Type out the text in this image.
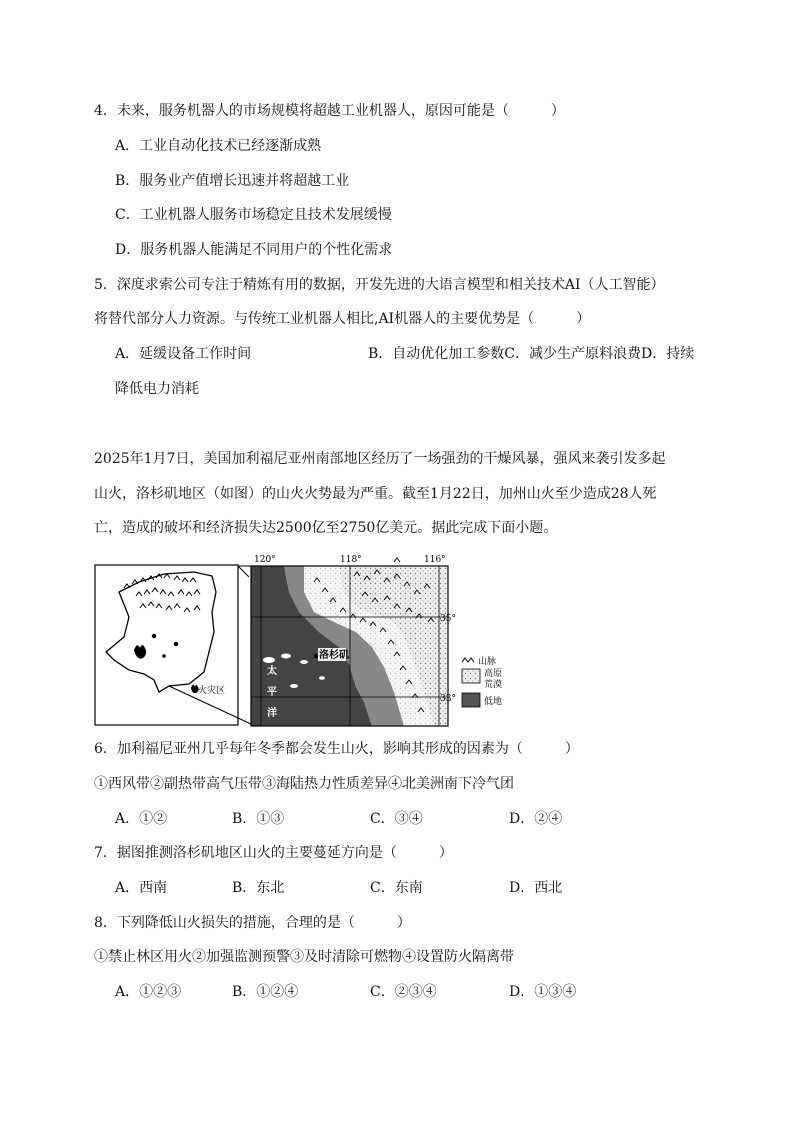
4．未来，服务机器人的市场规模将超越工业机器人，原因可能是（　　　）
A．工业自动化技术已经逐渐成熟
B．服务业产值增长迅速并将超越工业
C．工业机器人服务市场稳定且技术发展缓慢
D．服务机器人能满足不同用户的个性化需求
5．深度求索公司专注于精炼有用的数据，开发先进的大语言模型和相关技术AI（人工智能）
将替代部分人力资源。与传统工业机器人相比,AI机器人的主要优势是（　　　）
A．延缓设备工作时间	B．自动优化加工参数C．减少生产原料浪费D．持续
降低电力消耗
2025年1月7日，美国加利福尼亚州南部地区经历了一场强劲的干燥风暴，强风来袭引发多起
山火，洛杉矶地区（如图）的山火火势最为严重。截至1月22日，加州山火至少造成28人死
亡，造成的破坏和经济损失达2500亿至2750亿美元。据此完成下面小题。
火灾区
洛杉矶
太
平
洋
120°	118°	116°
35°
33°
山脉
高原
荒漠
低地
6．加利福尼亚州几乎每年冬季都会发生山火，影响其形成的因素为（　　　）
①西风带②副热带高气压带③海陆热力性质差异④北美洲南下冷气团
A．①②	B．①③	C．③④	D．②④
7．据图推测洛杉矶地区山火的主要蔓延方向是（　　　）
A．西南	B．东北	C．东南	D．西北
8．下列降低山火损失的措施，合理的是（　　　）
①禁止林区用火②加强监测预警③及时清除可燃物④设置防火隔离带
A．①②③	B．①②④	C．②③④	D．①③④
